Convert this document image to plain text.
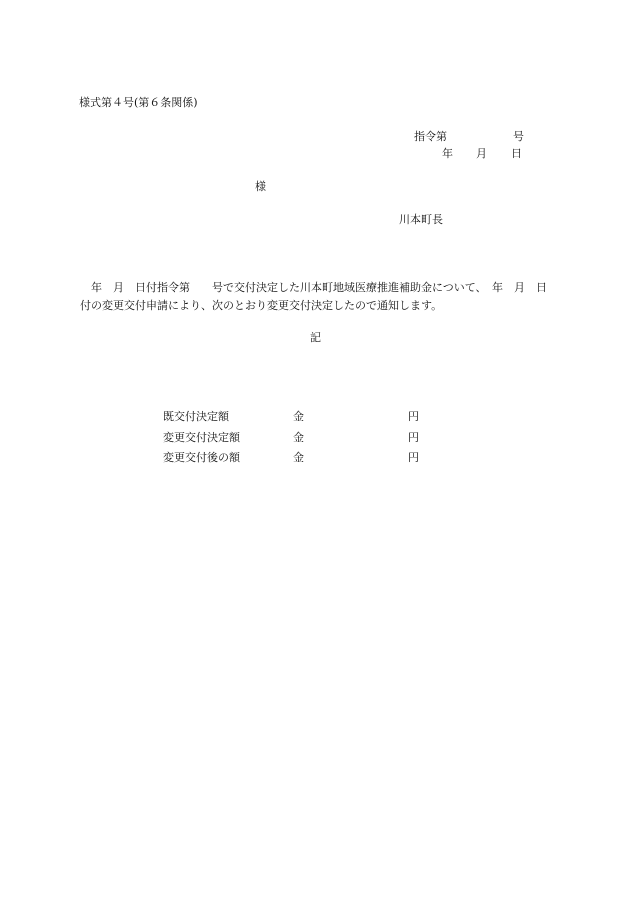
様式第４号(第６条関係)
指令第	号
年 月 日
様
川本町長
　年　月　日付指令第　　号で交付決定した川本町地域医療推進補助金について、　年　月　日付の変更交付申請により、次のとおり変更交付決定したので通知します。
記
既交付決定額	金	円
変更交付決定額	金	円
変更交付後の額	金	円
